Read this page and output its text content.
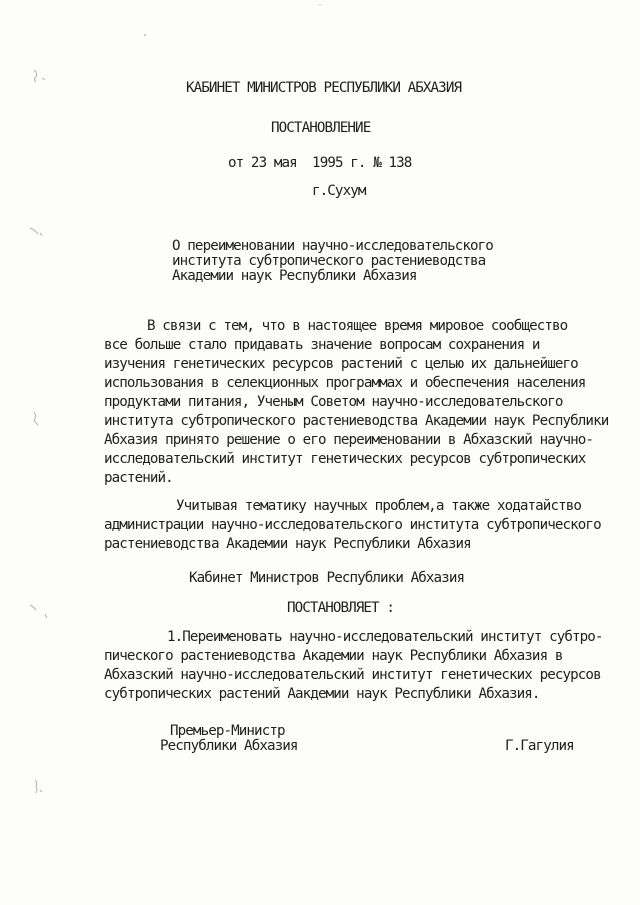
КАБИНЕТ МИНИСТРОВ РЕСПУБЛИКИ АБХАЗИЯ
ПОСТАНОВЛЕНИЕ
от 23 мая  1995 г. № 138
г.Сухум
О переименовании научно-исследовательского
института субтропического растениеводства
Академии наук Республики Абхазия
В связи с тем, что в настоящее время мировое сообщество
все больше стало придавать значение вопросам сохранения и
изучения генетических ресурсов растений с целью их дальнейшего
использования в селекционных программах и обеспечения населения
продуктами питания, Ученым Советом научно-исследовательского
института субтропического растениеводства Академии наук Республики
Абхазия принято решение о его переименовании в Абхазский научно-
исследовательский институт генетических ресурсов субтропических
растений.
Учитывая тематику научных проблем,а также ходатайство
администрации научно-исследовательского института субтропического
растениеводства Академии наук Республики Абхазия
Кабинет Министров Республики Абхазия
ПОСТАНОВЛЯЕТ :
1.Переименовать научно-исследовательский институт субтро-
пического растениеводства Академии наук Республики Абхазия в
Абхазский научно-исследовательский институт генетических ресурсов
субтропических растений Аакдемии наук Республики Абхазия.
Премьер-Министр
Республики Абхазия	Г.Гагулия
